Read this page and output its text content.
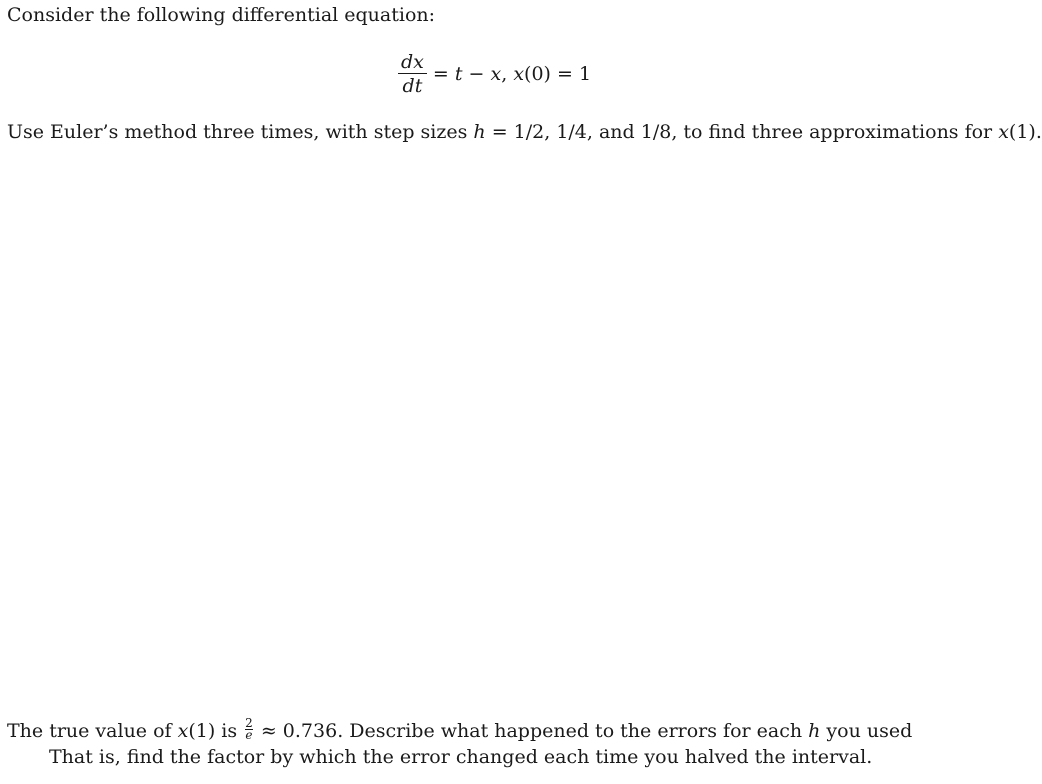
Consider the following differential equation:
$\frac{dx}{dt} = t - x$, x(0) = 1
Use Euler’s method three times, with step sizes h = 1/2, 1/4, and 1/8, to find three approximations for x(1).
The true value of x(1) is $\frac{2}{e} \approx 0.736$. Describe what happened to the errors for each h you used
That is, find the factor by which the error changed each time you halved the interval.
